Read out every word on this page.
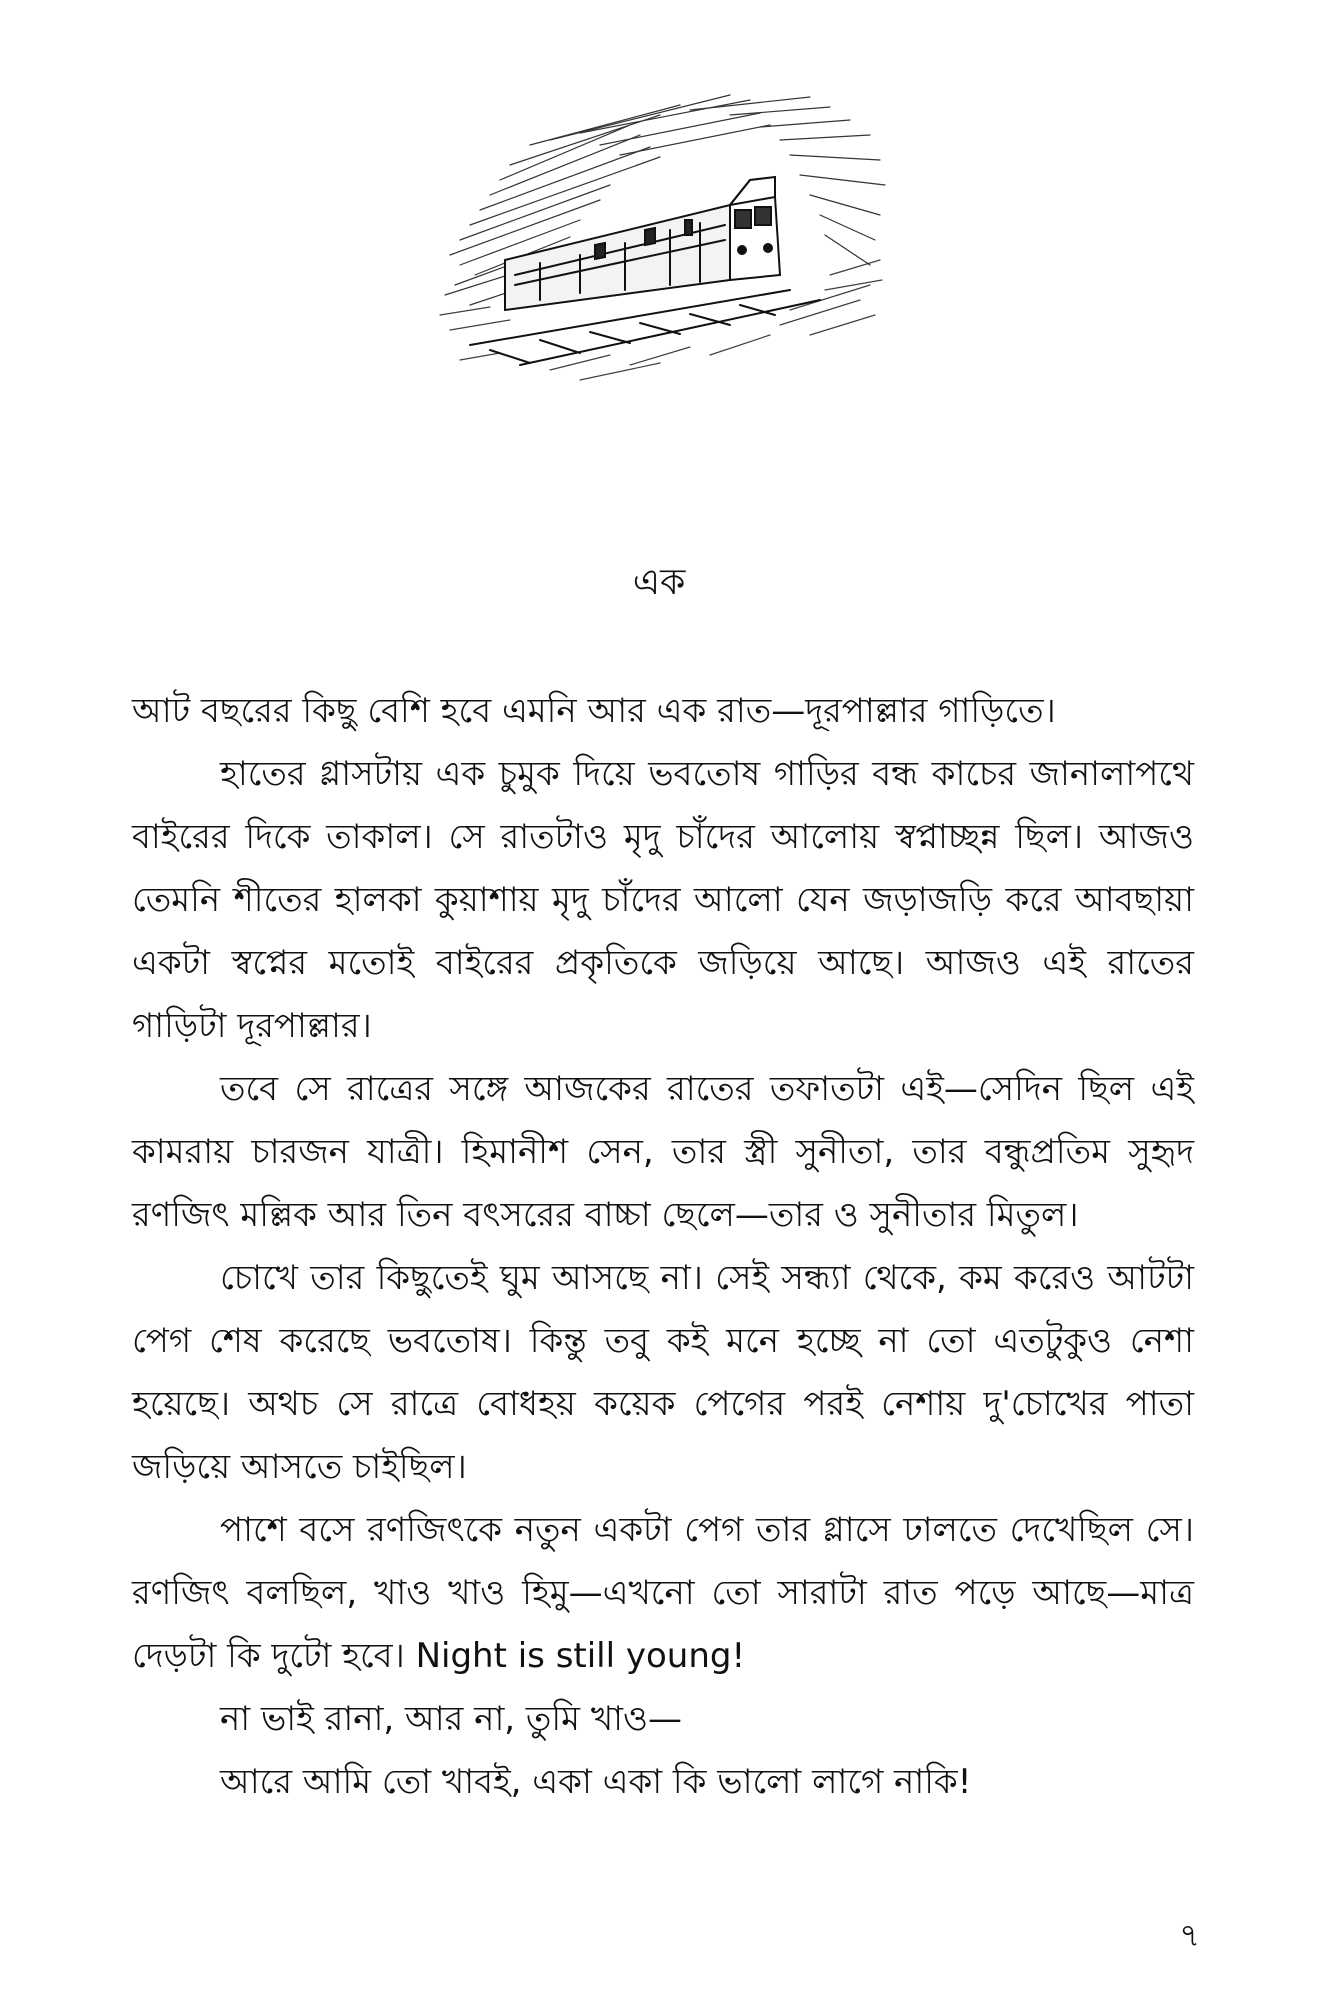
এক

আট বছরের কিছু বেশি হবে এমনি আর এক রাত—দূরপাল্লার গাড়িতে।

হাতের গ্লাসটায় এক চুমুক দিয়ে ভবতোষ গাড়ির বন্ধ কাচের জানালাপথে বাইরের দিকে তাকাল। সে রাতটাও মৃদু চাঁদের আলোয় স্বপ্নাচ্ছন্ন ছিল। আজও তেমনি শীতের হালকা কুয়াশায় মৃদু চাঁদের আলো যেন জড়াজড়ি করে আবছায়া একটা স্বপ্নের মতোই বাইরের প্রকৃতিকে জড়িয়ে আছে। আজও এই রাতের গাড়িটা দূরপাল্লার।

তবে সে রাত্রের সঙ্গে আজকের রাতের তফাতটা এই—সেদিন ছিল এই কামরায় চারজন যাত্রী। হিমানীশ সেন, তার স্ত্রী সুনীতা, তার বন্ধুপ্রতিম সুহৃদ রণজিৎ মল্লিক আর তিন বৎসরের বাচ্চা ছেলে—তার ও সুনীতার মিতুল।

চোখে তার কিছুতেই ঘুম আসছে না। সেই সন্ধ্যা থেকে, কম করেও আটটা পেগ শেষ করেছে ভবতোষ। কিন্তু তবু কই মনে হচ্ছে না তো এতটুকুও নেশা হয়েছে। অথচ সে রাত্রে বোধহয় কয়েক পেগের পরই নেশায় দু'চোখের পাতা জড়িয়ে আসতে চাইছিল।

পাশে বসে রণজিৎকে নতুন একটা পেগ তার গ্লাসে ঢালতে দেখেছিল সে। রণজিৎ বলছিল, খাও খাও হিমু—এখনো তো সারাটা রাত পড়ে আছে—মাত্র দেড়টা কি দুটো হবে। Night is still young!

না ভাই রানা, আর না, তুমি খাও—

আরে আমি তো খাবই, একা একা কি ভালো লাগে নাকি!

৭
